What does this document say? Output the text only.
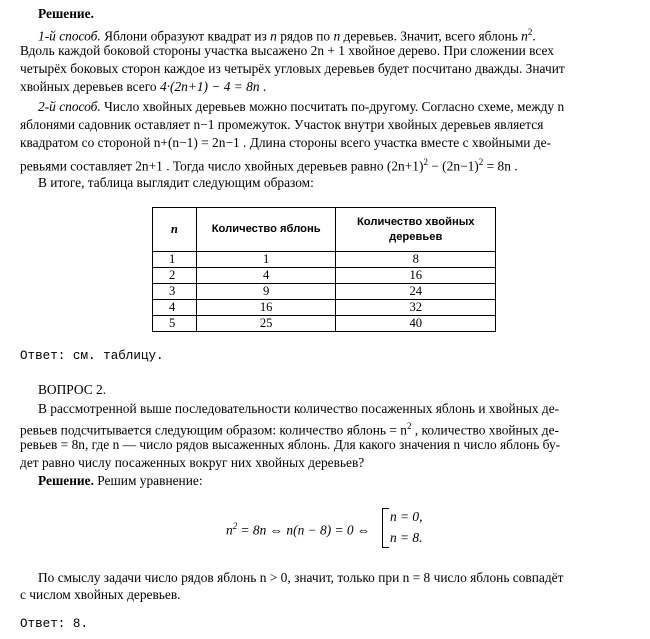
Решение.
1-й способ. Яблони образуют квадрат из n рядов по n деревьев. Значит, всего яблонь $n^2$.
Вдоль каждой боковой стороны участка высажено 2n + 1 хвойное дерево. При сложении всех
четырёх боковых сторон каждое из четырёх угловых деревьев будет посчитано дважды. Значит
хвойных деревьев всего 4·(2n+1) − 4 = 8n .
2-й способ. Число хвойных деревьев можно посчитать по-другому. Согласно схеме, между n
яблонями садовник оставляет n−1 промежуток. Участок внутри хвойных деревьев является
квадратом со стороной n+(n−1) = 2n−1 . Длина стороны всего участка вместе с хвойными де-
ревьями составляет 2n+1 . Тогда число хвойных деревьев равно $(2n+1)^2 - (2n-1)^2 = 8n$ .
В итоге, таблица выглядит следующим образом:
n	Количество яблонь	Количество хвойных деревьев
1	1	8
2	4	16
3	9	24
4	16	32
5	25	40
Ответ: см. таблицу.
ВОПРОС 2.
В рассмотренной выше последовательности количество посаженных яблонь и хвойных де-
ревьев подсчитывается следующим образом: количество яблонь = $n^2$ , количество хвойных де-
ревьев = 8n, где n — число рядов высаженных яблонь. Для какого значения n число яблонь бу-
дет равно числу посаженных вокруг них хвойных деревьев?
Решение. Решим уравнение:
$n^2 = 8n$ ⇔ n(n − 8) = 0 ⇔
n = 0,
n = 8.
По смыслу задачи число рядов яблонь n > 0, значит, только при n = 8 число яблонь совпадёт
с числом хвойных деревьев.
Ответ: 8.
